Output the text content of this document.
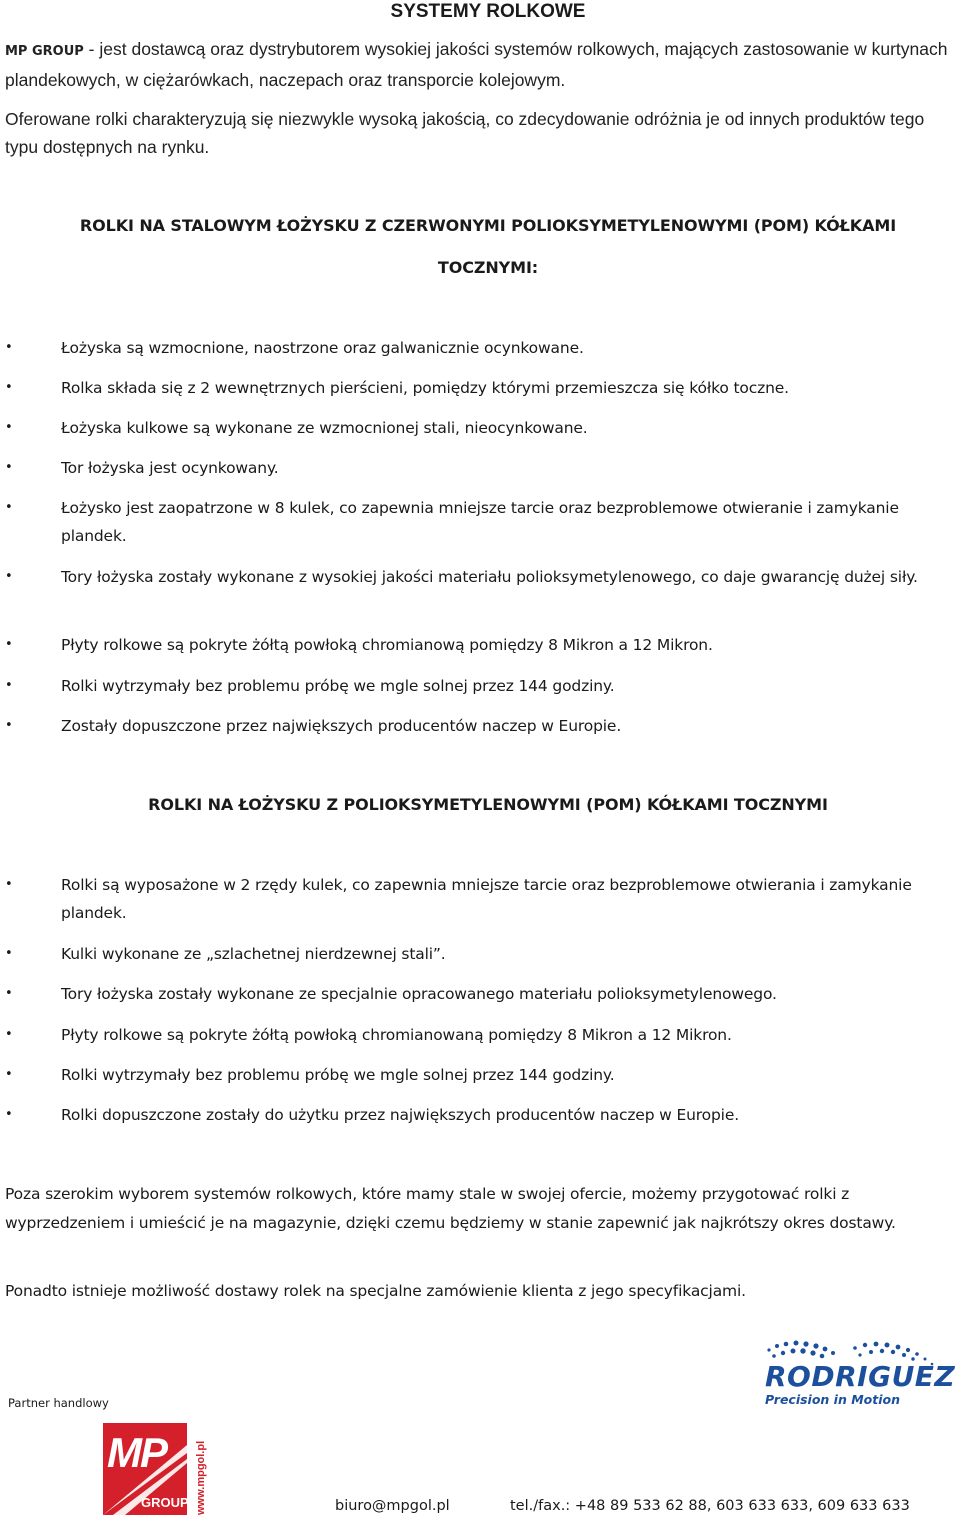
SYSTEMY ROLKOWE
MP GROUP - jest dostawcą oraz dystrybutorem wysokiej jakości systemów rolkowych, mających zastosowanie w kurtynach plandekowych, w ciężarówkach, naczepach oraz transporcie kolejowym.
Oferowane rolki charakteryzują się niezwykle wysoką jakością, co zdecydowanie odróżnia je od innych produktów tego typu dostępnych na rynku.
ROLKI NA STALOWYM ŁOŻYSKU Z CZERWONYMI POLIOKSYMETYLENOWYMI (POM) KÓŁKAMI
TOCZNYMI:
• Łożyska są wzmocnione, naostrzone oraz galwanicznie ocynkowane.
• Rolka składa się z 2 wewnętrznych pierścieni, pomiędzy którymi przemieszcza się kółko toczne.
• Łożyska kulkowe są wykonane ze wzmocnionej stali, nieocynkowane.
• Tor łożyska jest ocynkowany.
• Łożysko jest zaopatrzone w 8 kulek, co zapewnia mniejsze tarcie oraz bezproblemowe otwieranie i zamykanie plandek.
• Tory łożyska zostały wykonane z wysokiej jakości materiału polioksymetylenowego, co daje gwarancję dużej siły.
• Płyty rolkowe są pokryte żółtą powłoką chromianową pomiędzy 8 Mikron a 12 Mikron.
• Rolki wytrzymały bez problemu próbę we mgle solnej przez 144 godziny.
• Zostały dopuszczone przez największych producentów naczep w Europie.
ROLKI NA ŁOŻYSKU Z POLIOKSYMETYLENOWYMI (POM) KÓŁKAMI TOCZNYMI
• Rolki są wyposażone w 2 rzędy kulek, co zapewnia mniejsze tarcie oraz bezproblemowe otwierania i zamykanie plandek.
• Kulki wykonane ze „szlachetnej nierdzewnej stali”.
• Tory łożyska zostały wykonane ze specjalnie opracowanego materiału polioksymetylenowego.
• Płyty rolkowe są pokryte żółtą powłoką chromianowaną pomiędzy 8 Mikron a 12 Mikron.
• Rolki wytrzymały bez problemu próbę we mgle solnej przez 144 godziny.
• Rolki dopuszczone zostały do użytku przez największych producentów naczep w Europie.
Poza szerokim wyborem systemów rolkowych, które mamy stale w swojej ofercie, możemy przygotować rolki z wyprzedzeniem i umieścić je na magazynie, dzięki czemu będziemy w stanie zapewnić jak najkrótszy okres dostawy.
Ponadto istnieje możliwość dostawy rolek na specjalne zamówienie klienta z jego specyfikacjami.
RODRIGUEZ
Precision in Motion
Partner handlowy
MP
GROUP www.mpgol.pl	biuro@mpgol.pl	tel./fax.: +48 89 533 62 88, 603 633 633, 609 633 633
